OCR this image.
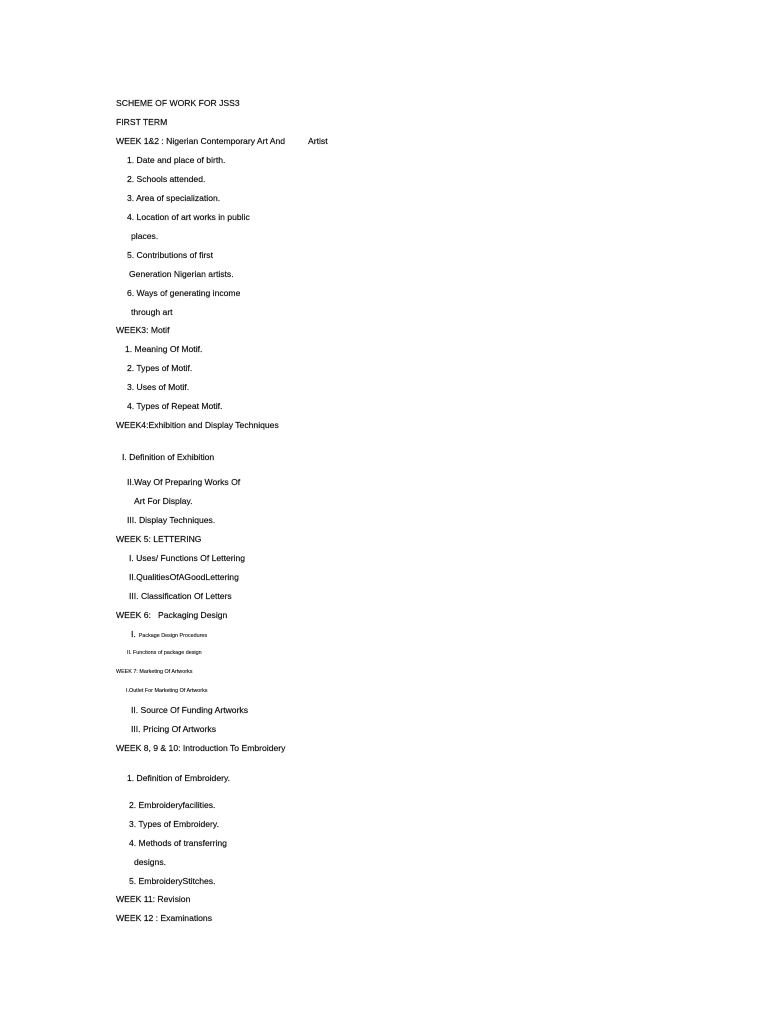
SCHEME OF WORK FOR JSS3
FIRST TERM
WEEK 1&2 : Nigerian Contemporary Art And	Artist
1. Date and place of birth.
2. Schools attended.
3. Area of specialization.
4. Location of art works in public
places.
5. Contributions of first
Generation Nigerian artists.
6. Ways of generating income
through art
WEEK3: Motif
1. Meaning Of Motif.
2. Types of Motif.
3. Uses of Motif.
4. Types of Repeat Motif.
WEEK4:Exhibition and Display Techniques
I. Definition of Exhibition
II.Way Of Preparing Works Of
Art For Display.
III. Display Techniques.
WEEK 5: LETTERING
I. Uses/ Functions Of Lettering
II.QualitiesOfAGoodLettering
III. Classification Of Letters
WEEK 6:   Packaging Design
I. Package Design Procedures
II. Functions of package design
WEEK 7: Marketing Of Artworks
I.Outlet For Marketing Of Artworks
II. Source Of Funding Artworks
III. Pricing Of Artworks
WEEK 8, 9 & 10: Introduction To Embroidery
1. Definition of Embroidery.
2. Embroideryfacilities.
3. Types of Embroidery.
4. Methods of transferring
designs.
5. EmbroideryStitches.
WEEK 11: Revision
WEEK 12 : Examinations
